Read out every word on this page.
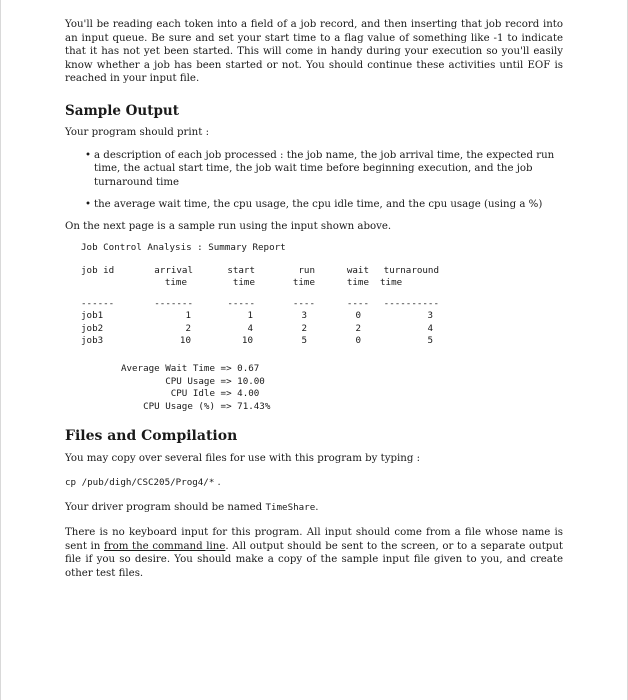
You'll be reading each token into a field of a job record, and then inserting that job record into an input queue. Be sure and set your start time to a flag value of something like -1 to indicate that it has not yet been started. This will come in handy during your execution so you'll easily know whether a job has been started or not. You should continue these activities until EOF is reached in your input file.

Sample Output

Your program should print :

• a description of each job processed : the job name, the job arrival time, the expected run time, the actual start time, the job wait time before beginning execution, and the job turnaround time
• the average wait time, the cpu usage, the cpu idle time, and the cpu usage (using a %)

On the next page is a sample run using the input shown above.

Job Control Analysis : Summary Report
job id	arrival	start	run	wait	turnaround
	time	time	time	time	time

------	-------	-----	----	----	----------
job1	1	1	3	0	3
job2	2	4	2	2	4
job3	10	10	5	0	5
Average Wait Time => 0.67
CPU Usage => 10.00
CPU Idle => 4.00
CPU Usage (%) => 71.43%
Files and Compilation

You may copy over several files for use with this program by typing :

cp /pub/digh/CSC205/Prog4/* .

Your driver program should be named TimeShare.

There is no keyboard input for this program. All input should come from a file whose name is sent in from the command line. All output should be sent to the screen, or to a separate output file if you so desire. You should make a copy of the sample input file given to you, and create other test files.
